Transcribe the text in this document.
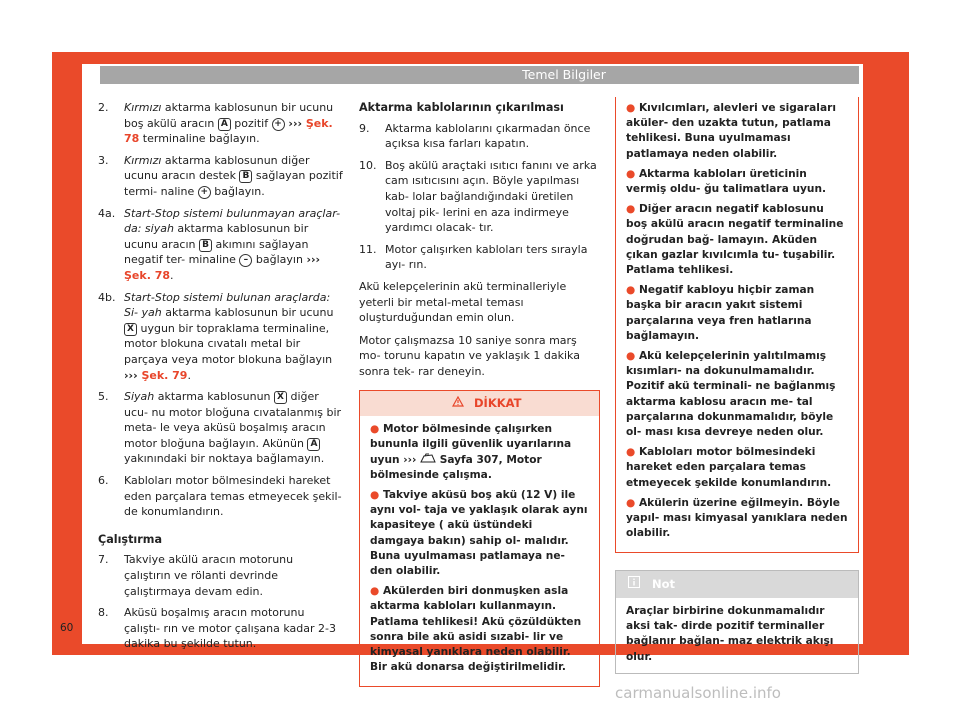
Temel Bilgiler
2.	Kırmızı aktarma kablosunun bir ucunu boş akülü aracın A pozitif + ››› Şek. 78 terminaline bağlayın.
3.	Kırmızı aktarma kablosunun diğer ucunu aracın destek B sağlayan pozitif termi- naline + bağlayın.
4a. Start-Stop sistemi bulunmayan araçlar- da: siyah aktarma kablosunun bir ucunu aracın B akımını sağlayan negatif ter- minaline – bağlayın ››› Şek. 78.
4b. Start-Stop sistemi bulunan araçlarda: Si- yah aktarma kablosunun bir ucunu X uygun bir topraklama terminaline, motor blokuna cıvatalı metal bir parçaya veya motor blokuna bağlayın ››› Şek. 79.
5.	Siyah aktarma kablosunun X diğer ucu- nu motor bloğuna cıvatalanmış bir meta- le veya aküsü boşalmış aracın motor bloğuna bağlayın. Akünün A yakınındaki bir noktaya bağlamayın.
6.	Kabloları motor bölmesindeki hareket eden parçalara temas etmeyecek şekil- de konumlandırın.
Çalıştırma
7.	Takviye akülü aracın motorunu çalıştırın ve rölanti devrinde çalıştırmaya devam edin.
8.	Aküsü boşalmış aracın motorunu çalıştı- rın ve motor çalışana kadar 2-3 dakika bu şekilde tutun.
Aktarma kablolarının çıkarılması
9.	Aktarma kablolarını çıkarmadan önce açıksa kısa farları kapatın.
10. Boş akülü araçtaki ısıtıcı fanını ve arka cam ısıtıcısını açın. Böyle yapılması kab- lolar bağlandığındaki üretilen voltaj pik- lerini en aza indirmeye yardımcı olacak- tır.
11. Motor çalışırken kabloları ters sırayla ayı- rın.

Akü kelepçelerinin akü terminalleriyle yeterli bir metal-metal teması oluşturduğundan emin olun.

Motor çalışmazsa 10 saniye sonra marş mo- torunu kapatın ve yaklaşık 1 dakika sonra tek- rar deneyin.

DİKKAT
● Motor bölmesinde çalışırken bununla ilgili güvenlik uyarılarına uyun ›››  Sayfa 307, Motor bölmesinde çalışma.
● Takviye aküsü boş akü (12 V) ile aynı vol- taja ve yaklaşık olarak aynı kapasiteye ( akü üstündeki damgaya bakın) sahip ol- malıdır. Buna uyulmaması patlamaya ne- den olabilir.
● Akülerden biri donmuşken asla aktarma kabloları kullanmayın. Patlama tehlikesi! Akü çözüldükten sonra bile akü asidi sızabi- lir ve kimyasal yanıklara neden olabilir. Bir akü donarsa değiştirilmelidir.
● Kıvılcımları, alevleri ve sigaraları aküler- den uzakta tutun, patlama tehlikesi. Buna uyulmaması patlamaya neden olabilir.
● Aktarma kabloları üreticinin vermiş oldu- ğu talimatlara uyun.
● Diğer aracın negatif kablosunu boş akülü aracın negatif terminaline doğrudan bağ- lamayın. Aküden çıkan gazlar kıvılcımla tu- tuşabilir. Patlama tehlikesi.
● Negatif kabloyu hiçbir zaman başka bir aracın yakıt sistemi parçalarına veya fren hatlarına bağlamayın.
● Akü kelepçelerinin yalıtılmamış kısımları- na dokunulmamalıdır. Pozitif akü terminali- ne bağlanmış aktarma kablosu aracın me- tal parçalarına dokunmamalıdır, böyle ol- ması kısa devreye neden olur.
● Kabloları motor bölmesindeki hareket eden parçalara temas etmeyecek şekilde konumlandırın.
● Akülerin üzerine eğilmeyin. Böyle yapıl- ması kimyasal yanıklara neden olabilir.
Not
Araçlar birbirine dokunmamalıdır aksi tak- dirde pozitif terminaller bağlanır bağlan- maz elektrik akışı olur.
60
carmanualsonline.info
